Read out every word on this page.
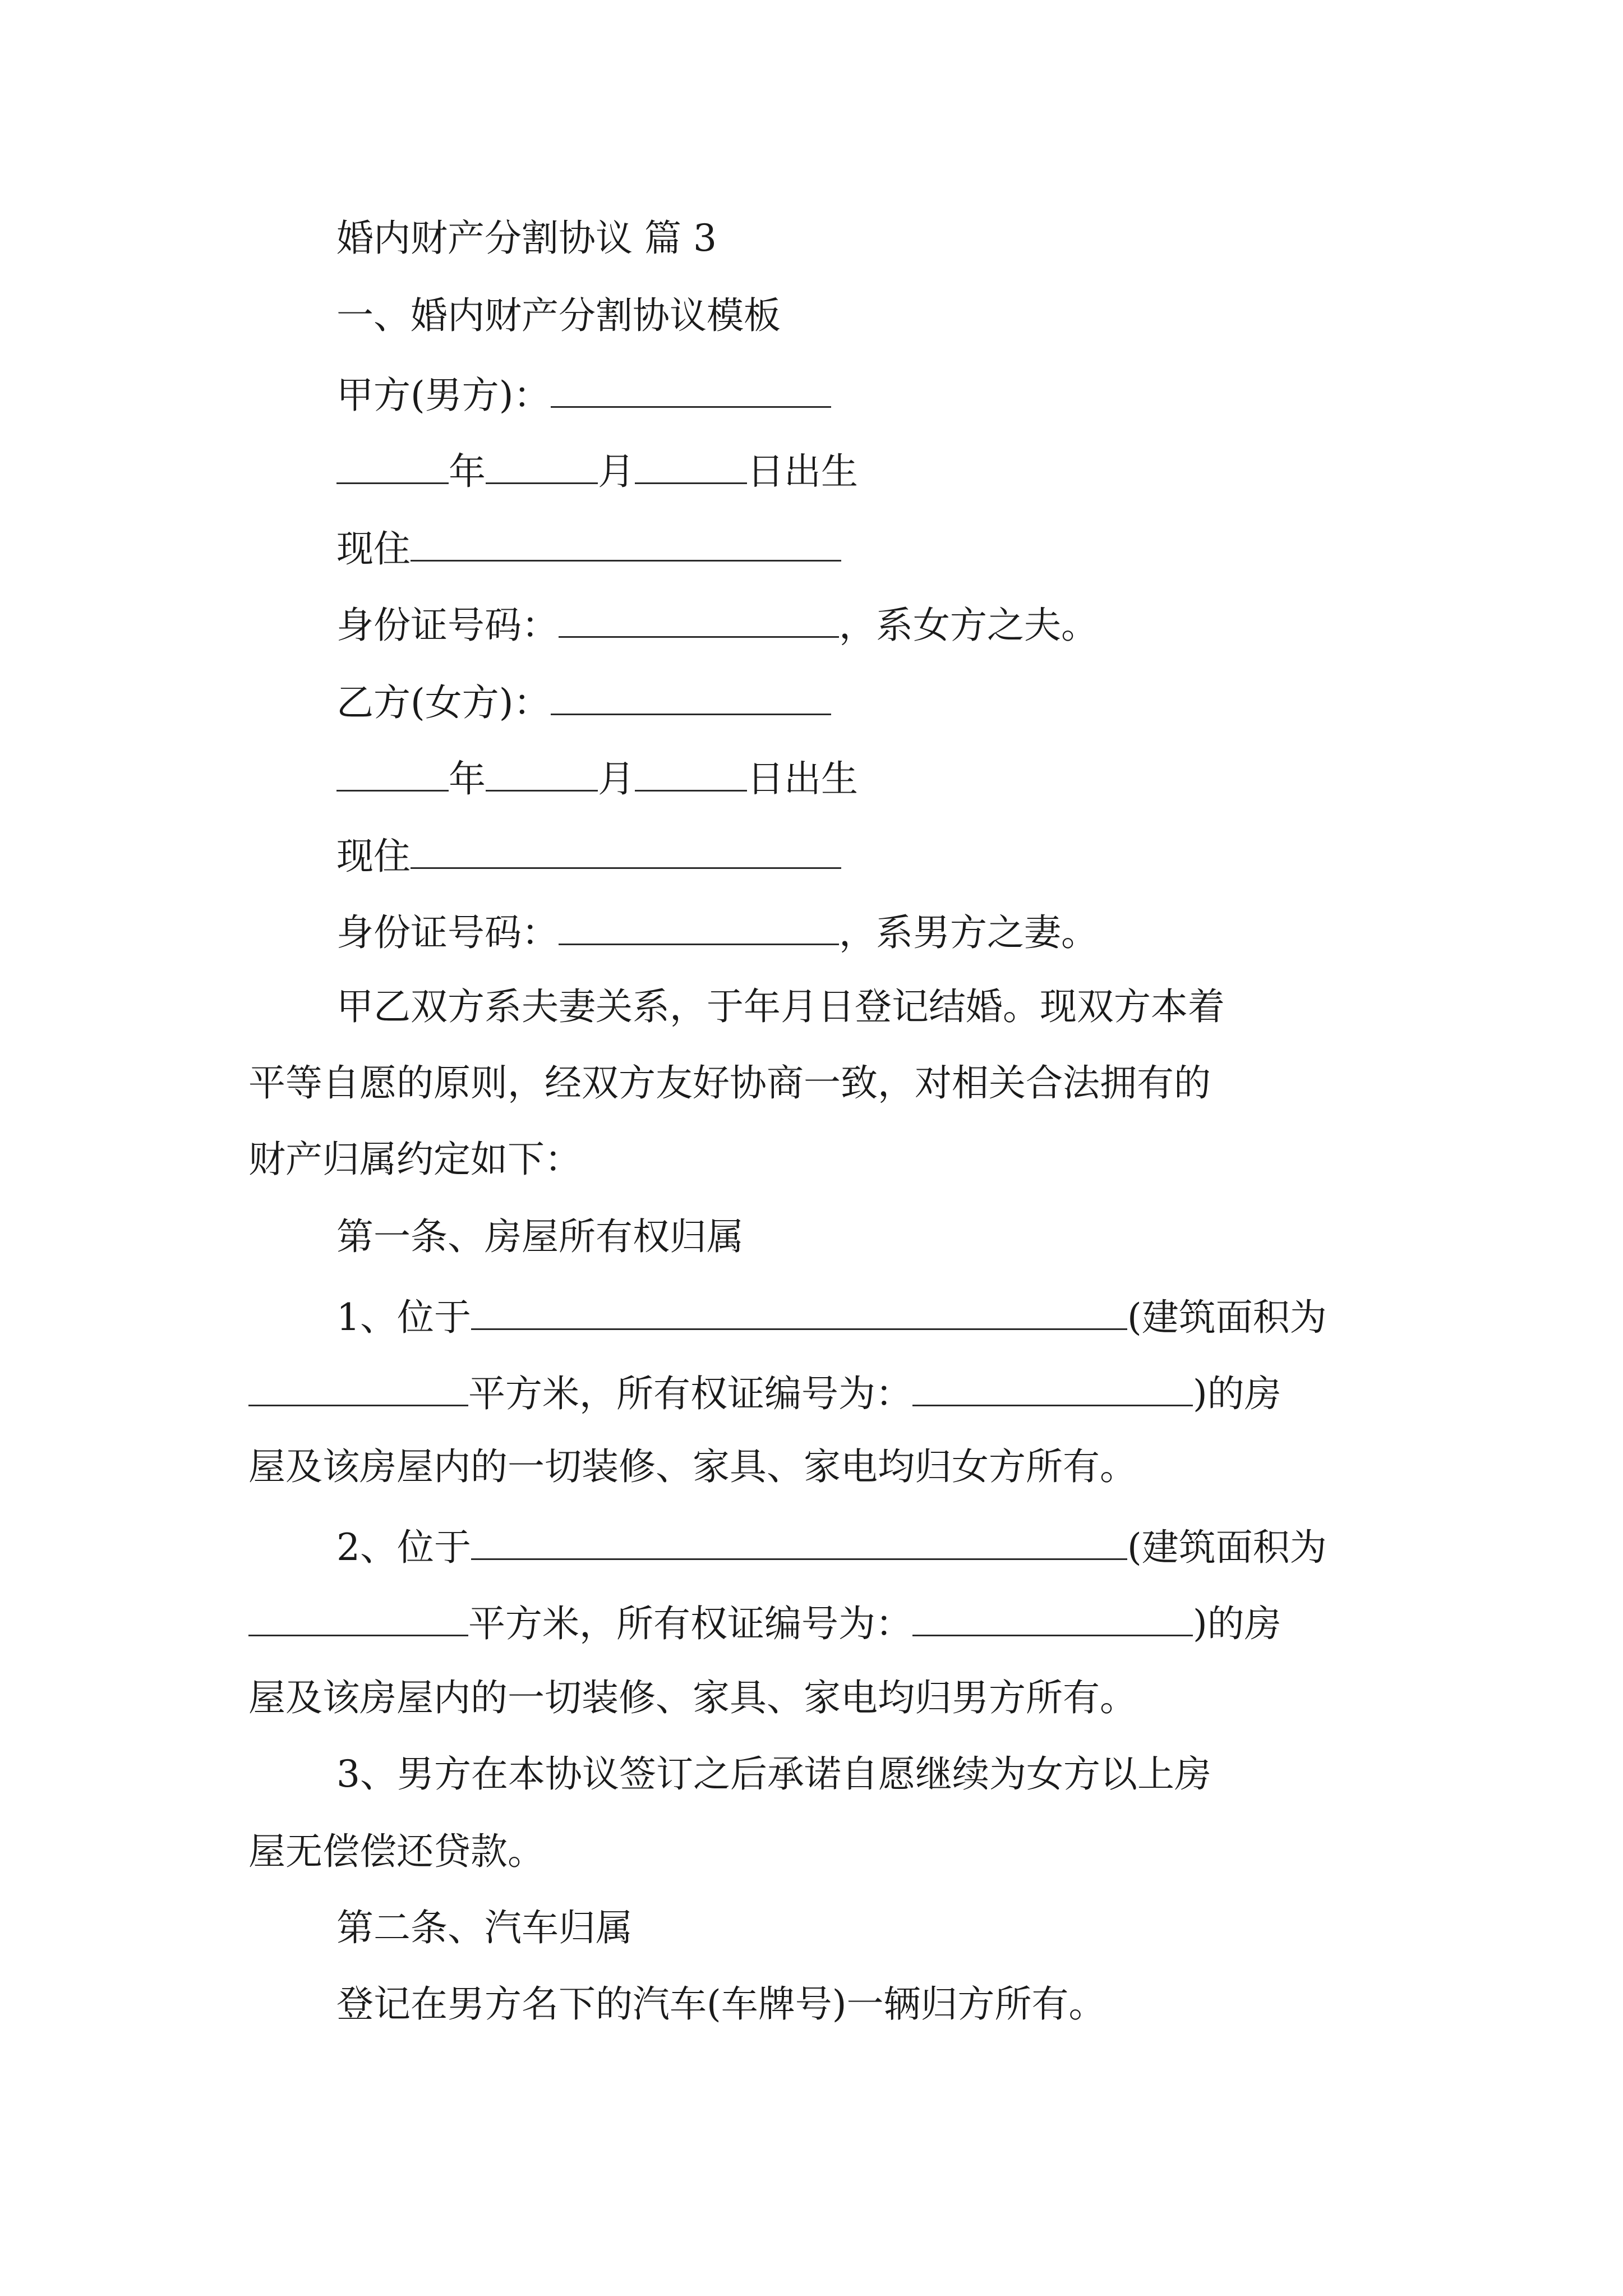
婚内财产分割协议 篇 3
一、婚内财产分割协议模板
甲方(男方)：
年	月	日出生
现住
身份证号码：	，系女方之夫。
乙方(女方)：
年	月	日出生
现住
身份证号码：	，系男方之妻。
甲乙双方系夫妻关系，于年月日登记结婚。现双方本着
平等自愿的原则，经双方友好协商一致，对相关合法拥有的
财产归属约定如下：
第一条、房屋所有权归属
1、位于	(建筑面积为
平方米，所有权证编号为：	)的房
屋及该房屋内的一切装修、家具、家电均归女方所有。
2、位于	(建筑面积为
平方米，所有权证编号为：	)的房
屋及该房屋内的一切装修、家具、家电均归男方所有。
3、男方在本协议签订之后承诺自愿继续为女方以上房
屋无偿偿还贷款。
第二条、汽车归属
登记在男方名下的汽车(车牌号)一辆归方所有。
